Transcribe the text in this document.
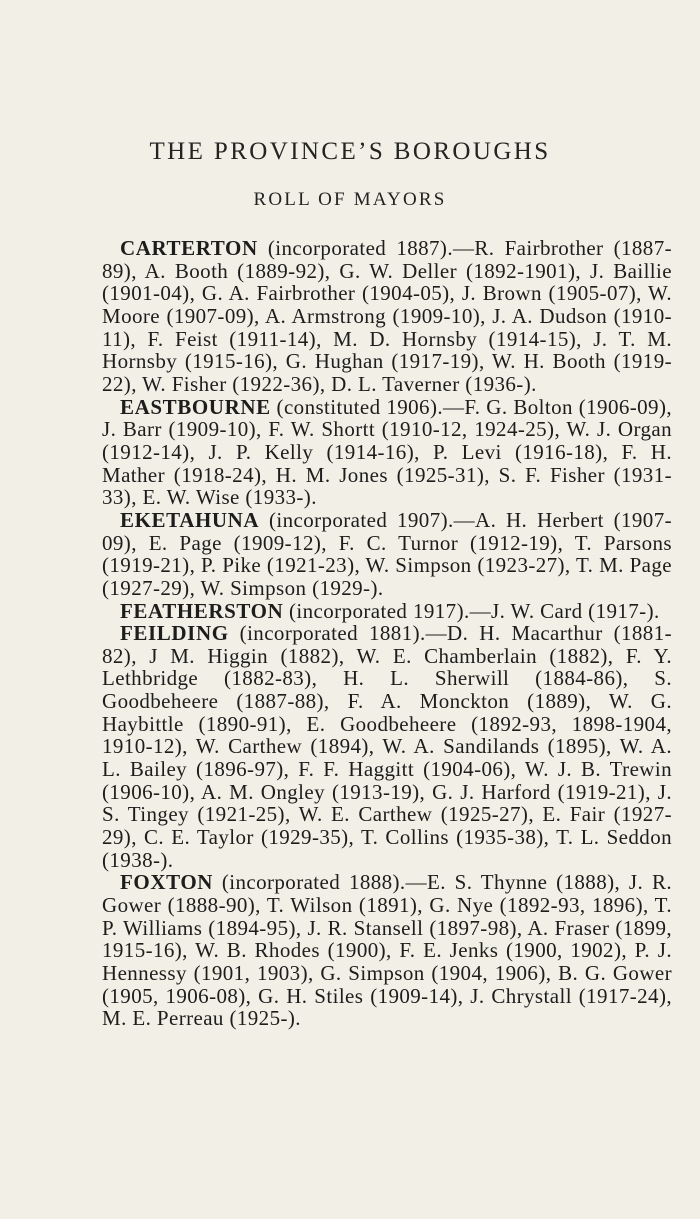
THE PROVINCE’S BOROUGHS
ROLL OF MAYORS

CARTERTON (incorporated 1887).—R. Fairbrother (1887-89), A. Booth (1889-92), G. W. Deller (1892-1901), J. Baillie (1901-04), G. A. Fairbrother (1904-05), J. Brown (1905-07), W. Moore (1907-09), A. Armstrong (1909-10), J. A. Dudson (1910-11), F. Feist (1911-14), M. D. Hornsby (1914-15), J. T. M. Hornsby (1915-16), G. Hughan (1917-19), W. H. Booth (1919-22), W. Fisher (1922-36), D. L. Taverner (1936-).

EASTBOURNE (constituted 1906).—F. G. Bolton (1906-09), J. Barr (1909-10), F. W. Shortt (1910-12, 1924-25), W. J. Organ (1912-14), J. P. Kelly (1914-16), P. Levi (1916-18), F. H. Mather (1918-24), H. M. Jones (1925-31), S. F. Fisher (1931-33), E. W. Wise (1933-).

EKETAHUNA (incorporated 1907).—A. H. Herbert (1907-09), E. Page (1909-12), F. C. Turnor (1912-19), T. Parsons (1919-21), P. Pike (1921-23), W. Simpson (1923-27), T. M. Page (1927-29), W. Simpson (1929-).

FEATHERSTON (incorporated 1917).—J. W. Card (1917-).

FEILDING (incorporated 1881).—D. H. Macarthur (1881-82), J M. Higgin (1882), W. E. Chamberlain (1882), F. Y. Lethbridge (1882-83), H. L. Sherwill (1884-86), S. Goodbeheere (1887-88), F. A. Monckton (1889), W. G. Haybittle (1890-91), E. Goodbeheere (1892-93, 1898-1904, 1910-12), W. Carthew (1894), W. A. Sandilands (1895), W. A. L. Bailey (1896-97), F. F. Haggitt (1904-06), W. J. B. Trewin (1906-10), A. M. Ongley (1913-19), G. J. Harford (1919-21), J. S. Tingey (1921-25), W. E. Carthew (1925-27), E. Fair (1927-29), C. E. Taylor (1929-35), T. Collins (1935-38), T. L. Seddon (1938-).

FOXTON (incorporated 1888).—E. S. Thynne (1888), J. R. Gower (1888-90), T. Wilson (1891), G. Nye (1892-93, 1896), T. P. Williams (1894-95), J. R. Stansell (1897-98), A. Fraser (1899, 1915-16), W. B. Rhodes (1900), F. E. Jenks (1900, 1902), P. J. Hennessy (1901, 1903), G. Simpson (1904, 1906), B. G. Gower (1905, 1906-08), G. H. Stiles (1909-14), J. Chrystall (1917-24), M. E. Perreau (1925-).
